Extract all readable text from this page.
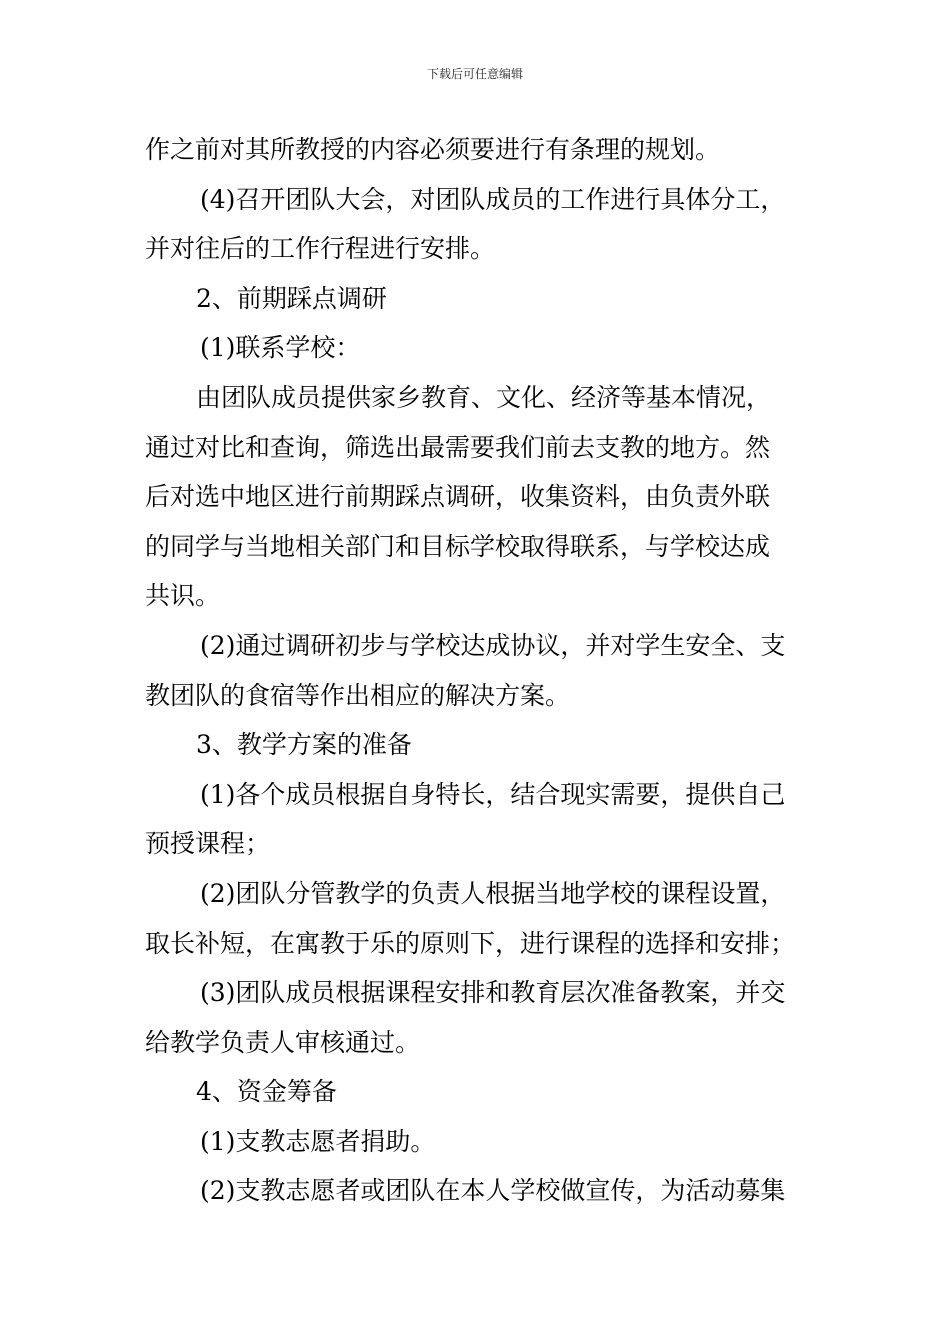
下载后可任意编辑
作之前对其所教授的内容必须要进行有条理的规划。
(4)召开团队大会，对团队成员的工作进行具体分工，
并对往后的工作行程进行安排。
2、前期踩点调研
(1)联系学校：
由团队成员提供家乡教育、文化、经济等基本情况，
通过对比和查询，筛选出最需要我们前去支教的地方。然
后对选中地区进行前期踩点调研，收集资料，由负责外联
的同学与当地相关部门和目标学校取得联系，与学校达成
共识。
(2)通过调研初步与学校达成协议，并对学生安全、支
教团队的食宿等作出相应的解决方案。
3、教学方案的准备
(1)各个成员根据自身特长，结合现实需要，提供自己
预授课程；
(2)团队分管教学的负责人根据当地学校的课程设置，
取长补短，在寓教于乐的原则下，进行课程的选择和安排；
(3)团队成员根据课程安排和教育层次准备教案，并交
给教学负责人审核通过。
4、资金筹备
(1)支教志愿者捐助。
(2)支教志愿者或团队在本人学校做宣传，为活动募集
